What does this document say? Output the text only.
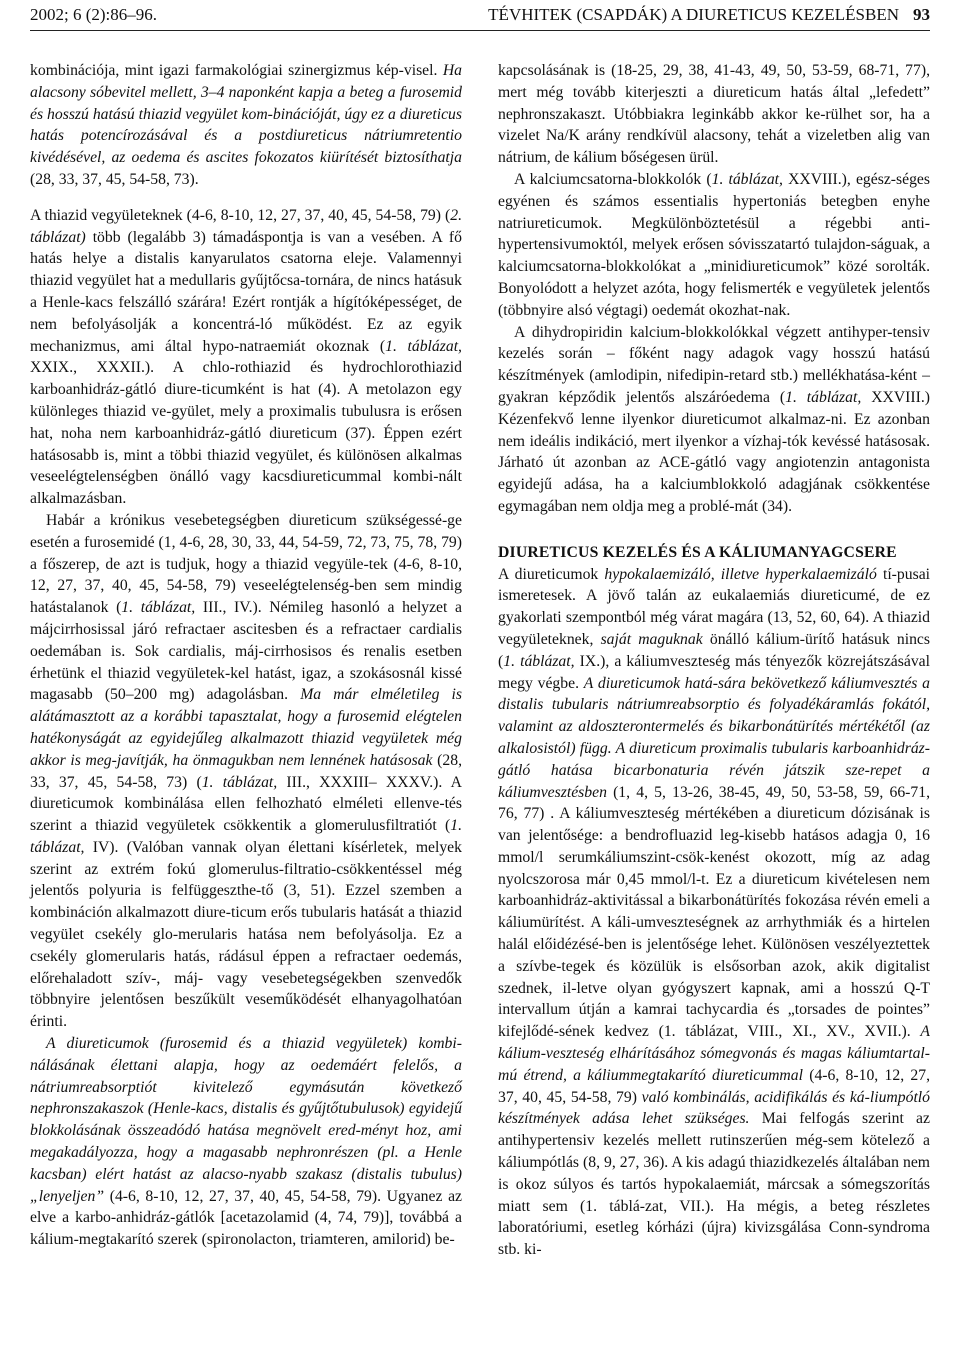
2002; 6 (2):86–96.	TÉVHITEK (CSAPDÁK) A DIURETICUS KEZELÉSBEN 93

kombinációja, mint igazi farmakológiai szinergizmus kép-visel. Ha alacsony sóbevitel mellett, 3–4 naponként kapja a beteg a furosemid és hosszú hatású thiazid vegyület kom-binációját, úgy ez a diureticus hatás potencírozásával és a postdiureticus nátriumretentio kivédésével, az oedema és ascites fokozatos kiürítését biztosíthatja (28, 33, 37, 45, 54-58, 73).

A thiazid vegyületeknek (4-6, 8-10, 12, 27, 37, 40, 45, 54-58, 79) (2. táblázat) több (legalább 3) támadáspontja is van a vesében. A fő hatás helye a distalis kanyarulatos csatorna eleje. Valamennyi thiazid vegyület hat a medullaris gyűjtőcsa-tornára, de nincs hatásuk a Henle-kacs felszálló szárára! Ezért rontják a hígítóképességet, de nem befolyásolják a koncentrá-ló működést. Ez az egyik mechanizmus, ami által hypo-natraemiát okoznak (1. táblázat, XXIX., XXXII.). A chlo-rothiazid és hydrochlorothiazid karboanhidráz-gátló diure-ticumként is hat (4). A metolazon egy különleges thiazid ve-gyület, mely a proximalis tubulusra is erősen hat, noha nem karboanhidráz-gátló diureticum (37). Éppen ezért hatásosabb is, mint a többi thiazid vegyület, és különösen alkalmas veseelégtelenségben önálló vagy kacsdiureticummal kombi-nált alkalmazásban.

Habár a krónikus vesebetegségben diureticum szükségessé-ge esetén a furosemidé (1, 4-6, 28, 30, 33, 44, 54-59, 72, 73, 75, 78, 79) a főszerep, de azt is tudjuk, hogy a thiazid vegyüle-tek (4-6, 8-10, 12, 27, 37, 40, 45, 54-58, 79) veseelégtelenség-ben sem mindig hatástalanok (1. táblázat, III., IV.). Némileg hasonló a helyzet a májcirrhosissal járó refractaer ascitesben és a refractaer cardialis oedemában is. Sok cardialis, máj-cirrhosisos és renalis esetben érhetünk el thiazid vegyületek-kel hatást, igaz, a szokásosnál kissé magasabb (50–200 mg) adagolásban. Ma már elméletileg is alátámasztott az a korábbi tapasztalat, hogy a furosemid elégtelen hatékonyságát az egyidejűleg alkalmazott thiazid vegyületek még akkor is meg-javítják, ha önmagukban nem lennének hatásosak (28, 33, 37, 45, 54-58, 73) (1. táblázat, III., XXXIII– XXXV.). A diureticumok kombinálása ellen felhozható elméleti ellenve-tés szerint a thiazid vegyületek csökkentik a glomerulusfiltratiót (1. táblázat, IV). (Valóban vannak olyan élettani kísérletek, melyek szerint az extrém fokú glomerulus-filtratio-csökkentéssel még jelentős polyuria is felfüggeszthe-tő (3, 51). Ezzel szemben a kombináción alkalmazott diure-ticum erős tubularis hatását a thiazid vegyület csekély glo-merularis hatása nem befolyásolja. Ez a csekély glomerularis hatás, rádásul éppen a refractaer oedemás, előrehaladott szív-, máj- vagy vesebetegségekben szenvedők többnyire jelentősen beszűkült veseműködését elhanyagolhatóan érinti.

A diureticumok (furosemid és a thiazid vegyületek) kombi-nálásának élettani alapja, hogy az oedemáért felelős, a nátriumreabsorptiót kivitelező egymásután következő nephronszakaszok (Henle-kacs, distalis és gyűjtőtubulusok) egyidejű blokkolásának összeadódó hatása megnövelt ered-ményt hoz, ami megakadályozza, hogy a magasabb nephronrészen (pl. a Henle kacsban) elért hatást az alacso-nyabb szakasz (distalis tubulus) „lenyeljen” (4-6, 8-10, 12, 27, 37, 40, 45, 54-58, 79). Ugyanez az elve a karbo-anhidráz-gátlók [acetazolamid (4, 74, 79)], továbbá a kálium-megtakarító szerek (spironolacton, triamteren, amilorid) be-

kapcsolásának is (18-25, 29, 38, 41-43, 49, 50, 53-59, 68-71, 77), mert még tovább kiterjeszti a diureticum hatás által „lefedett” nephronszakaszt. Utóbbiakra leginkább akkor ke-rülhet sor, ha a vizelet Na/K arány rendkívül alacsony, tehát a vizeletben alig van nátrium, de kálium bőségesen ürül.

A kalciumcsatorna-blokkolók (1. táblázat, XXVIII.), egész-séges egyénen és számos essentialis hypertoniás betegben enyhe natriureticumok. Megkülönböztetésül a régebbi anti-hypertensivumoktól, melyek erősen sóvisszatartó tulajdon-ságuak, a kalciumcsatorna-blokkolókat a „minidiureticumok” közé sorolták. Bonyolódott a helyzet azóta, hogy felismerték e vegyületek jelentős (többnyire alsó végtagi) oedemát okozhat-nak.

A dihydropiridin kalcium-blokkolókkal végzett antihyper-tensiv kezelés során – főként nagy adagok vagy hosszú hatású készítmények (amlodipin, nifedipin-retard stb.) mellékhatása-ként – gyakran képződik jelentős alszáróedema (1. táblázat, XXVIII.) Kézenfekvő lenne ilyenkor diureticumot alkalmaz-ni. Ez azonban nem ideális indikáció, mert ilyenkor a vízhaj-tók kevéssé hatásosak. Járható út azonban az ACE-gátló vagy angiotenzin antagonista egyidejű adása, ha a kalciumblokkoló adagjának csökkentése egymagában nem oldja meg a problé-mát (34).

DIURETICUS KEZELÉS ÉS A KÁLIUMANYAGCSERE

A diureticumok hypokalaemizáló, illetve hyperkalaemizáló tí-pusai ismeretesek. A jövő talán az eukalaemiás diureticumé, de ez gyakorlati szempontból még várat magára (13, 52, 60, 64). A thiazid vegyületeknek, saját maguknak önálló kálium-ürítő hatásuk nincs (1. táblázat, IX.), a káliumveszteség más tényezők közrejátszásával megy végbe. A diureticumok hatá-sára bekövetkező káliumvesztés a distalis tubularis nátriumreabsorptio és folyadékáramlás fokától, valamint az aldoszterontermelés és bikarbonátürítés mértékétől (az alkalosistól) függ. A diureticum proximalis tubularis karboanhidráz-gátló hatása bicarbonaturia révén játszik sze-repet a káliumvesztésben (1, 4, 5, 13-26, 38-45, 49, 50, 53-58, 59, 66-71, 76, 77) . A káliumveszteség mértékében a diureticum dózisának is van jelentősége: a bendrofluazid leg-kisebb hatásos adagja 0, 16 mmol/l serumkáliumszint-csök-kenést okozott, míg az adag nyolcszorosa már 0,45 mmol/l-t. Ez a diureticum kivételesen nem karboanhidráz-aktivitással a bikarbonátürítés fokozása révén emeli a káliumürítést. A káli-umveszteségnek az arrhythmiák és a hirtelen halál előidézésé-ben is jelentősége lehet. Különösen veszélyeztettek a szívbe-tegek és közülük is elsősorban azok, akik digitalist szednek, il-letve olyan gyógyszert kapnak, ami a hosszú Q-T intervallum útján a kamrai tachycardia és „torsades de pointes” kifejlődé-sének kedvez (1. táblázat, VIII., XI., XV., XVII.). A kálium-veszteség elhárításához sómegvonás és magas káliumtartal-mú étrend, a káliummegtakarító diureticummal (4-6, 8-10, 12, 27, 37, 40, 45, 54-58, 79) való kombinálás, acidifikálás és ká-liumpótló készítmények adása lehet szükséges. Mai felfogás szerint az antihypertensiv kezelés mellett rutinszerűen még-sem kötelező a káliumpótlás (8, 9, 27, 36). A kis adagú thiazidkezelés általában nem is okoz súlyos és tartós hypokalaemiát, márcsak a sómegszorítás miatt sem (1. táblá-zat, VII.). Ha mégis, a beteg részletes laboratóriumi, esetleg kórházi (újra) kivizsgálása Conn-syndroma stb. ki-
